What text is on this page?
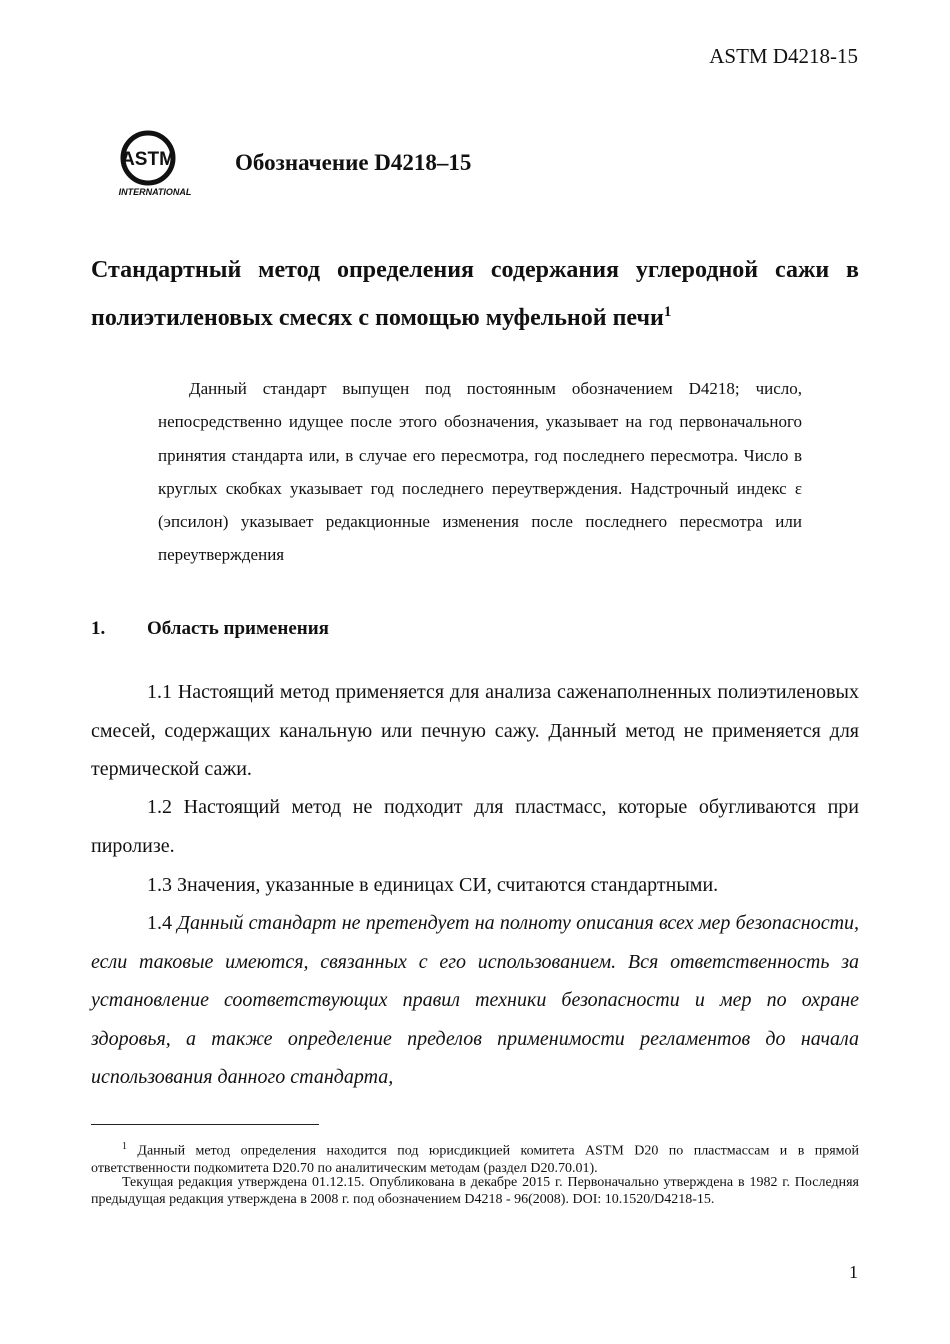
ASTM D4218-15
ASTM
INTERNATIONAL
Обозначение D4218–15
Стандартный метод определения содержания углеродной сажи в полиэтиленовых смесях с помощью муфельной печи$^1$
Данный стандарт выпущен под постоянным обозначением D4218; число, непосредственно идущее после этого обозначения, указывает на год первоначального принятия стандарта или, в случае его пересмотра, год последнего пересмотра. Число в круглых скобках указывает год последнего переутверждения. Надстрочный индекс ε (эпсилон) указывает редакционные изменения после последнего пересмотра или переутверждения
1. Область применения
1.1 Настоящий метод применяется для анализа саженаполненных полиэтиленовых смесей, содержащих канальную или печную сажу. Данный метод не применяется для термической сажи.
1.2 Настоящий метод не подходит для пластмасс, которые обугливаются при пиролизе.
1.3 Значения, указанные в единицах СИ, считаются стандартными.
1.4 Данный стандарт не претендует на полноту описания всех мер безопасности, если таковые имеются, связанных с его использованием. Вся ответственность за установление соответствующих правил техники безопасности и мер по охране здоровья, а также определение пределов применимости регламентов до начала использования данного стандарта,
$^1$ Данный метод определения находится под юрисдикцией комитета ASTM D20 по пластмассам и в прямой ответственности подкомитета D20.70 по аналитическим методам (раздел D20.70.01).
Текущая редакция утверждена 01.12.15. Опубликована в декабре 2015 г. Первоначально утверждена в 1982 г. Последняя предыдущая редакция утверждена в 2008 г. под обозначением D4218 - 96(2008). DOI: 10.1520/D4218-15.
1
